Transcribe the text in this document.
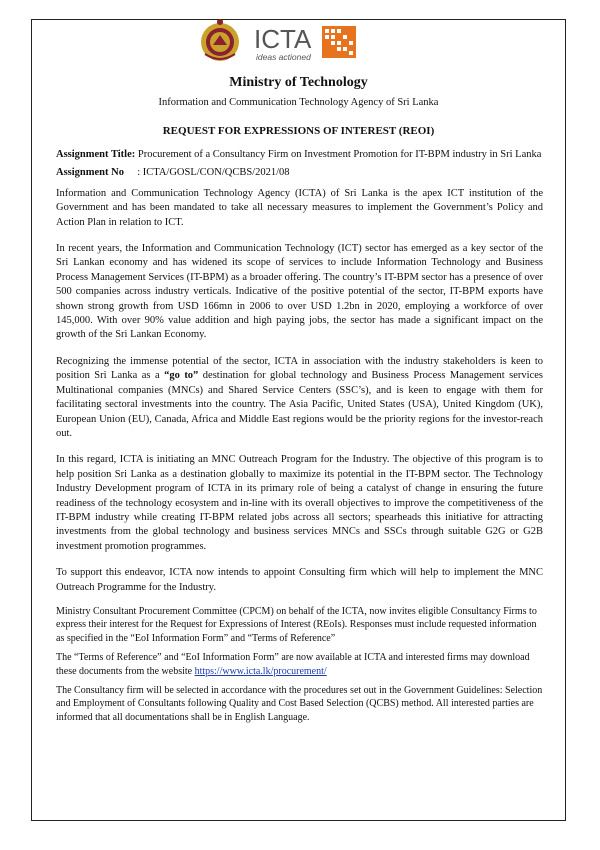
ICTA
ideas actioned
Ministry of Technology
Information and Communication Technology Agency of Sri Lanka
REQUEST FOR EXPRESSIONS OF INTEREST (REOI)

Assignment Title: Procurement of a Consultancy Firm on Investment Promotion for IT-BPM industry in Sri Lanka

Assignment No : ICTA/GOSL/CON/QCBS/2021/08

Information and Communication Technology Agency (ICTA) of Sri Lanka is the apex ICT institution of the Government and has been mandated to take all necessary measures to implement the Government’s Policy and Action Plan in relation to ICT.

In recent years, the Information and Communication Technology (ICT) sector has emerged as a key sector of the Sri Lankan economy and has widened its scope of services to include Information Technology and Business Process Management Services (IT-BPM) as a broader offering. The country’s IT-BPM sector has a presence of over 500 companies across industry verticals. Indicative of the positive potential of the sector, IT-BPM exports have shown strong growth from USD 166mn in 2006 to over USD 1.2bn in 2020, employing a workforce of over 145,000. With over 90% value addition and high paying jobs, the sector has made a significant impact on the growth of the Sri Lankan Economy.

Recognizing the immense potential of the sector, ICTA in association with the industry stakeholders is keen to position Sri Lanka as a “go to” destination for global technology and Business Process Management services Multinational companies (MNCs) and Shared Service Centers (SSC’s), and is keen to engage with them for facilitating sectoral investments into the country. The Asia Pacific, United States (USA), United Kingdom (UK), European Union (EU), Canada, Africa and Middle East regions would be the priority regions for the investor-reach out.

In this regard, ICTA is initiating an MNC Outreach Program for the Industry. The objective of this program is to help position Sri Lanka as a destination globally to maximize its potential in the IT-BPM sector. The Technology Industry Development program of ICTA in its primary role of being a catalyst of change in ensuring the future readiness of the technology ecosystem and in-line with its overall objectives to improve the competitiveness of the IT-BPM industry while creating IT-BPM related jobs across all sectors; spearheads this initiative for attracting investments from the global technology and business services MNCs and SSCs through suitable G2G or G2B investment promotion programmes.

To support this endeavor, ICTA now intends to appoint Consulting firm which will help to implement the MNC Outreach Programme for the Industry.

Ministry Consultant Procurement Committee (CPCM) on behalf of the ICTA, now invites eligible Consultancy Firms to express their interest for the Request for Expressions of Interest (REoIs). Responses must include requested information as specified in the “EoI Information Form” and “Terms of Reference”

The “Terms of Reference” and “EoI Information Form” are now available at ICTA and interested firms may download these documents from the website https://www.icta.lk/procurement/

The Consultancy firm will be selected in accordance with the procedures set out in the Government Guidelines: Selection and Employment of Consultants following Quality and Cost Based Selection (QCBS) method. All interested parties are informed that all documentations shall be in English Language.
